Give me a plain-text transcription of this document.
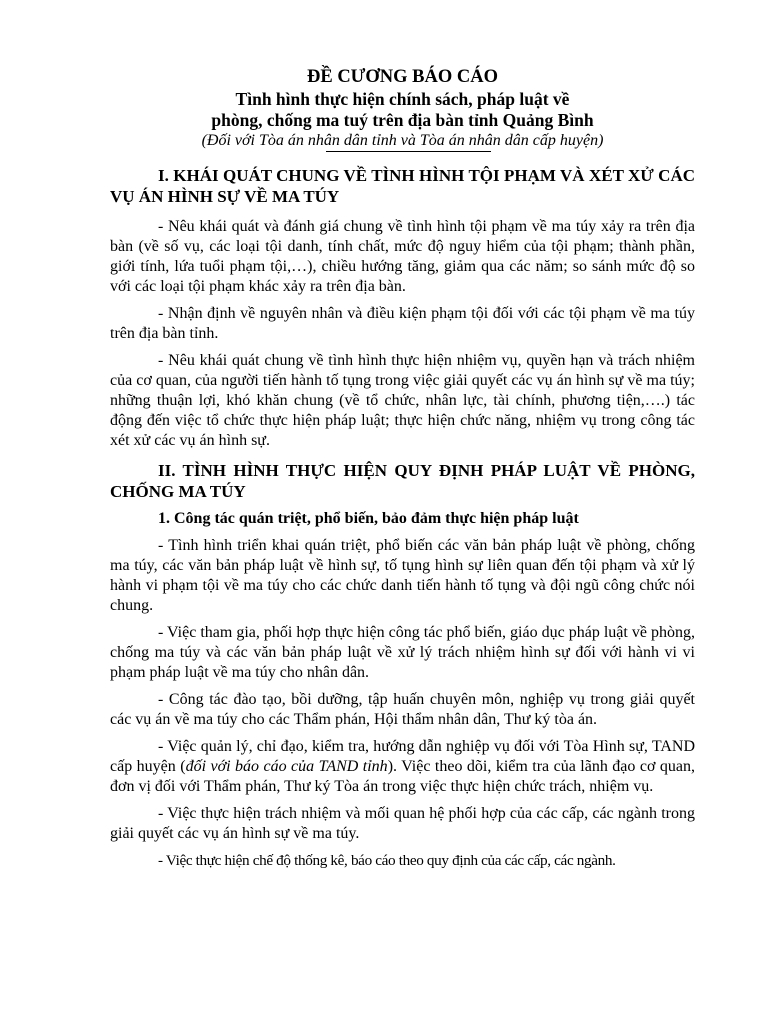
ĐỀ CƯƠNG BÁO CÁO

Tình hình thực hiện chính sách, pháp luật về

phòng, chống ma tuý trên địa bàn tỉnh Quảng Bình

(Đối với Tòa án nhân dân tỉnh và Tòa án nhân dân cấp huyện)

I. KHÁI QUÁT CHUNG VỀ TÌNH HÌNH TỘI PHẠM VÀ XÉT XỬ CÁC VỤ ÁN HÌNH SỰ VỀ MA TÚY

- Nêu khái quát và đánh giá chung về tình hình tội phạm về ma túy xảy ra trên địa bàn (về số vụ, các loại tội danh, tính chất, mức độ nguy hiểm của tội phạm; thành phần, giới tính, lứa tuổi phạm tội,…), chiều hướng tăng, giảm qua các năm; so sánh mức độ so với các loại tội phạm khác xảy ra trên địa bàn.

- Nhận định về nguyên nhân và điều kiện phạm tội đối với các tội phạm về ma túy trên địa bàn tỉnh.

- Nêu khái quát chung về tình hình thực hiện nhiệm vụ, quyền hạn và trách nhiệm của cơ quan, của người tiến hành tố tụng trong việc giải quyết các vụ án hình sự về ma túy; những thuận lợi, khó khăn chung (về tổ chức, nhân lực, tài chính, phương tiện,….) tác động đến việc tổ chức thực hiện pháp luật; thực hiện chức năng, nhiệm vụ trong công tác xét xử các vụ án hình sự.

II. TÌNH HÌNH THỰC HIỆN QUY ĐỊNH PHÁP LUẬT VỀ PHÒNG, CHỐNG MA TÚY

1. Công tác quán triệt, phổ biến, bảo đảm thực hiện pháp luật

- Tình hình triển khai quán triệt, phổ biến các văn bản pháp luật về phòng, chống ma túy, các văn bản pháp luật về hình sự, tố tụng hình sự liên quan đến tội phạm và xử lý hành vi phạm tội về ma túy cho các chức danh tiến hành tố tụng và đội ngũ công chức nói chung.

- Việc tham gia, phối hợp thực hiện công tác phổ biến, giáo dục pháp luật về phòng, chống ma túy và các văn bản pháp luật về xử lý trách nhiệm hình sự đối với hành vi vi phạm pháp luật về ma túy cho nhân dân.

- Công tác đào tạo, bồi dưỡng, tập huấn chuyên môn, nghiệp vụ trong giải quyết các vụ án về ma túy cho các Thẩm phán, Hội thẩm nhân dân, Thư ký tòa án.

- Việc quản lý, chỉ đạo, kiểm tra, hướng dẫn nghiệp vụ đối với Tòa Hình sự, TAND cấp huyện (đối với báo cáo của TAND tỉnh). Việc theo dõi, kiểm tra của lãnh đạo cơ quan, đơn vị đối với Thẩm phán, Thư ký Tòa án trong việc thực hiện chức trách, nhiệm vụ.

- Việc thực hiện trách nhiệm và mối quan hệ phối hợp của các cấp, các ngành trong giải quyết các vụ án hình sự về ma túy.

- Việc thực hiện chế độ thống kê, báo cáo theo quy định của các cấp, các ngành.
